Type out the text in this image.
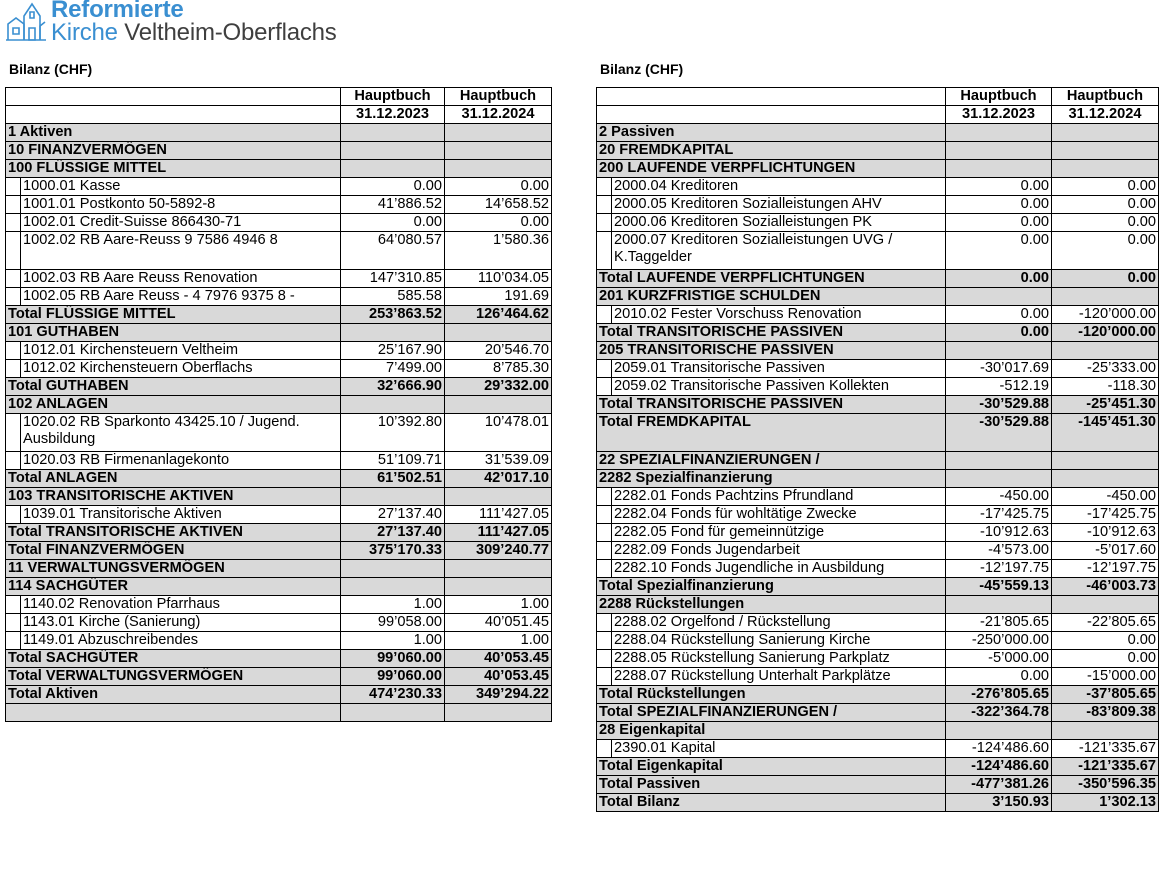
Reformierte
Kirche Veltheim-Oberflachs
Bilanz (CHF)	Bilanz (CHF)
		Hauptbuch	Hauptbuch
		31.12.2023	31.12.2024
1 Aktiven			
10 FINANZVERMÖGEN			
100 FLÜSSIGE MITTEL			
	1000.01 Kasse	0.00	0.00
	1001.01 Postkonto 50-5892-8	41’886.52	14’658.52
	1002.01 Credit-Suisse 866430-71	0.00	0.00
	1002.02 RB Aare-Reuss 9 7586 4946 8	64’080.57	1’580.36
	1002.03 RB Aare Reuss Renovation	147’310.85	110’034.05
	1002.05 RB Aare Reuss - 4 7976 9375 8 -	585.58	191.69
Total FLÜSSIGE MITTEL		253’863.52	126’464.62
101 GUTHABEN			
	1012.01 Kirchensteuern Veltheim	25’167.90	20’546.70
	1012.02 Kirchensteuern Oberflachs	7’499.00	8’785.30
Total GUTHABEN		32’666.90	29’332.00
102 ANLAGEN			
	1020.02 RB Sparkonto 43425.10 / Jugend. Ausbildung	10’392.80	10’478.01
	1020.03 RB Firmenanlagekonto	51’109.71	31’539.09
Total ANLAGEN		61’502.51	42’017.10
103 TRANSITORISCHE AKTIVEN			
	1039.01 Transitorische Aktiven	27’137.40	111’427.05
Total TRANSITORISCHE AKTIVEN		27’137.40	111’427.05
Total FINANZVERMÖGEN		375’170.33	309’240.77
11 VERWALTUNGSVERMÖGEN			
114 SACHGÜTER			
	1140.02 Renovation Pfarrhaus	1.00	1.00
	1143.01 Kirche (Sanierung)	99’058.00	40’051.45
	1149.01 Abzuschreibendes	1.00	1.00
Total SACHGÜTER		99’060.00	40’053.45
Total VERWALTUNGSVERMÖGEN		99’060.00	40’053.45
Total Aktiven		474’230.33	349’294.22

		Hauptbuch	Hauptbuch
		31.12.2023	31.12.2024
2 Passiven			
20 FREMDKAPITAL			
200 LAUFENDE VERPFLICHTUNGEN			
	2000.04 Kreditoren	0.00	0.00
	2000.05 Kreditoren Sozialleistungen AHV	0.00	0.00
	2000.06 Kreditoren Sozialleistungen PK	0.00	0.00
	2000.07 Kreditoren Sozialleistungen UVG / K.Taggelder	0.00	0.00
Total LAUFENDE VERPFLICHTUNGEN		0.00	0.00
201 KURZFRISTIGE SCHULDEN			
	2010.02 Fester Vorschuss Renovation	0.00	-120’000.00
Total TRANSITORISCHE PASSIVEN		0.00	-120’000.00
205 TRANSITORISCHE PASSIVEN			
	2059.01 Transitorische Passiven	-30’017.69	-25’333.00
	2059.02 Transitorische Passiven Kollekten	-512.19	-118.30
Total TRANSITORISCHE PASSIVEN		-30’529.88	-25’451.30
Total FREMDKAPITAL		-30’529.88	-145’451.30
22 SPEZIALFINANZIERUNGEN /			
2282 Spezialfinanzierung			
	2282.01 Fonds Pachtzins Pfrundland	-450.00	-450.00
	2282.04 Fonds für wohltätige Zwecke	-17’425.75	-17’425.75
	2282.05 Fond für gemeinnützige	-10’912.63	-10’912.63
	2282.09 Fonds Jugendarbeit	-4’573.00	-5’017.60
	2282.10 Fonds Jugendliche in Ausbildung	-12’197.75	-12’197.75
Total Spezialfinanzierung		-45’559.13	-46’003.73
2288 Rückstellungen			
	2288.02 Orgelfond / Rückstellung	-21’805.65	-22’805.65
	2288.04 Rückstellung Sanierung Kirche	-250’000.00	0.00
	2288.05 Rückstellung Sanierung Parkplatz	-5’000.00	0.00
	2288.07 Rückstellung Unterhalt Parkplätze	0.00	-15’000.00
Total Rückstellungen		-276’805.65	-37’805.65
Total SPEZIALFINANZIERUNGEN /		-322’364.78	-83’809.38
28 Eigenkapital			
	2390.01 Kapital	-124’486.60	-121’335.67
Total Eigenkapital		-124’486.60	-121’335.67
Total Passiven		-477’381.26	-350’596.35
Total Bilanz		3’150.93	1’302.13
